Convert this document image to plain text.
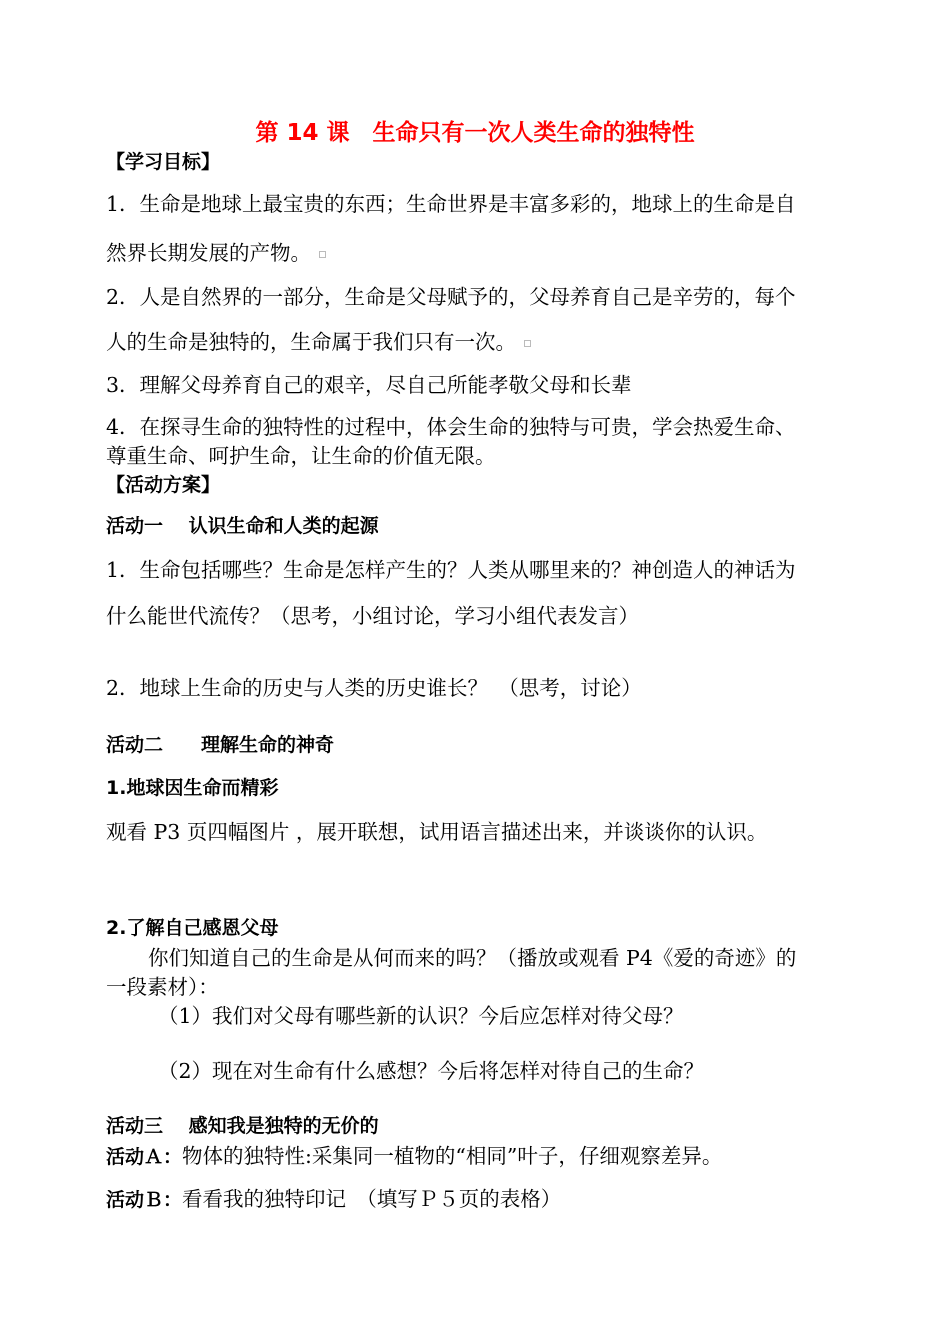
第 14 课　生命只有一次人类生命的独特性
【学习目标】
1．生命是地球上最宝贵的东西；生命世界是丰富多彩的，地球上的生命是自
然界长期发展的产物。
2．人是自然界的一部分，生命是父母赋予的，父母养育自己是辛劳的，每个
人的生命是独特的，生命属于我们只有一次。
3．理解父母养育自己的艰辛，尽自己所能孝敬父母和长辈
4．在探寻生命的独特性的过程中，体会生命的独特与可贵，学会热爱生命、
尊重生命、呵护生命，让生命的价值无限。
【活动方案】
活动一　 认识生命和人类的起源
1．生命包括哪些？生命是怎样产生的？人类从哪里来的？神创造人的神话为
什么能世代流传？（思考，小组讨论，学习小组代表发言）
2．地球上生命的历史与人类的历史谁长？　（思考，讨论）
活动二　　理解生命的神奇
1.地球因生命而精彩
观看 P3 页四幅图片 ，展开联想，试用语言描述出来，并谈谈你的认识。
2.了解自己感恩父母
你们知道自己的生命是从何而来的吗？（播放或观看 P4《爱的奇迹》的
一段素材）：
（1）我们对父母有哪些新的认识？今后应怎样对待父母？
（2）现在对生命有什么感想？今后将怎样对待自己的生命？
活动三　 感知我是独特的无价的
活动Ａ：物体的独特性:采集同一植物的“相同”叶子，仔细观察差异。
活动Ｂ：看看我的独特印记　（填写Ｐ５页的表格）
